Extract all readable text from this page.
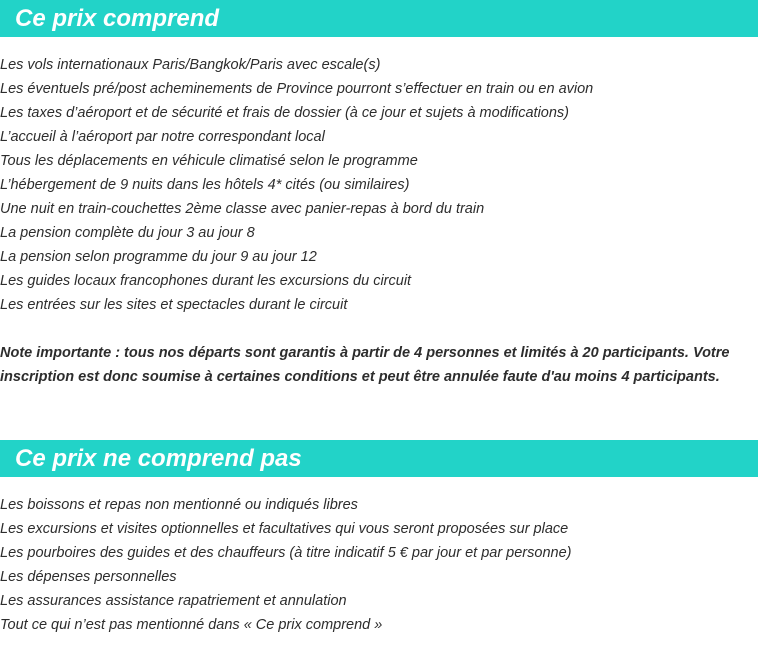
Ce prix comprend
Les vols internationaux Paris/Bangkok/Paris avec escale(s)
Les éventuels pré/post acheminements de Province pourront s’effectuer en train ou en avion
Les taxes d’aéroport et de sécurité et frais de dossier (à ce jour et sujets à modifications)
L’accueil à l’aéroport par notre correspondant local
Tous les déplacements en véhicule climatisé selon le programme
L’hébergement de 9 nuits dans les hôtels 4* cités (ou similaires)
Une nuit en train-couchettes 2ème classe avec panier-repas à bord du train
La pension complète du jour 3 au jour 8
La pension selon programme du jour 9 au jour 12
Les guides locaux francophones durant les excursions du circuit
Les entrées sur les sites et spectacles durant le circuit
Note importante : tous nos départs sont garantis à partir de 4 personnes et limités à 20 participants. Votre inscription est donc soumise à certaines conditions et peut être annulée faute d'au moins 4 participants.
Ce prix ne comprend pas
Les boissons et repas non mentionné ou indiqués libres
Les excursions et visites optionnelles et facultatives qui vous seront proposées sur place
Les pourboires des guides et des chauffeurs (à titre indicatif 5 € par jour et par personne)
Les dépenses personnelles
Les assurances assistance rapatriement et annulation
Tout ce qui n’est pas mentionné dans « Ce prix comprend »
